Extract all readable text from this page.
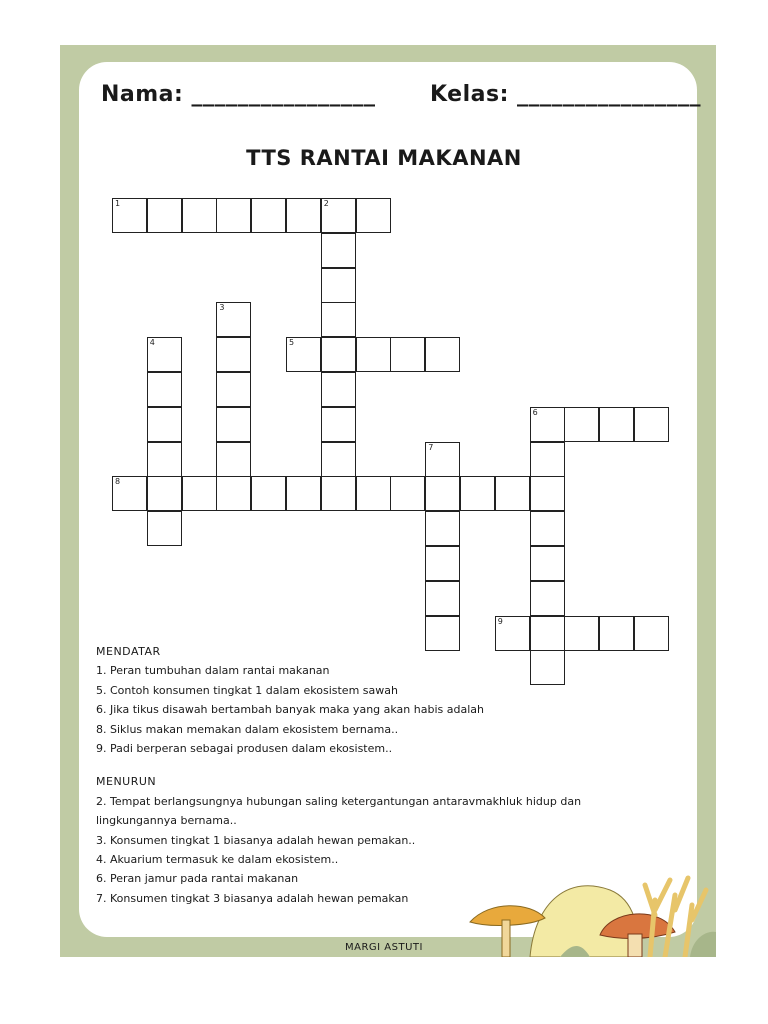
Nama: ________________ Kelas: ________________
TTS RANTAI MAKANAN
1	2
3
4	5
6
7
8
9
MENDATAR
1. Peran tumbuhan dalam rantai makanan
5. Contoh konsumen tingkat 1 dalam ekosistem sawah
6. Jika tikus disawah bertambah banyak maka yang akan habis adalah
8. Siklus makan memakan dalam ekosistem bernama..
9. Padi berperan sebagai produsen dalam ekosistem..
MENURUN
2. Tempat berlangsungnya hubungan saling ketergantungan antaravmakhluk hidup dan
lingkungannya bernama..
3. Konsumen tingkat 1 biasanya adalah hewan pemakan..
4. Akuarium termasuk ke dalam ekosistem..
6. Peran jamur pada rantai makanan
7. Konsumen tingkat 3 biasanya adalah hewan pemakan
MARGI ASTUTI
